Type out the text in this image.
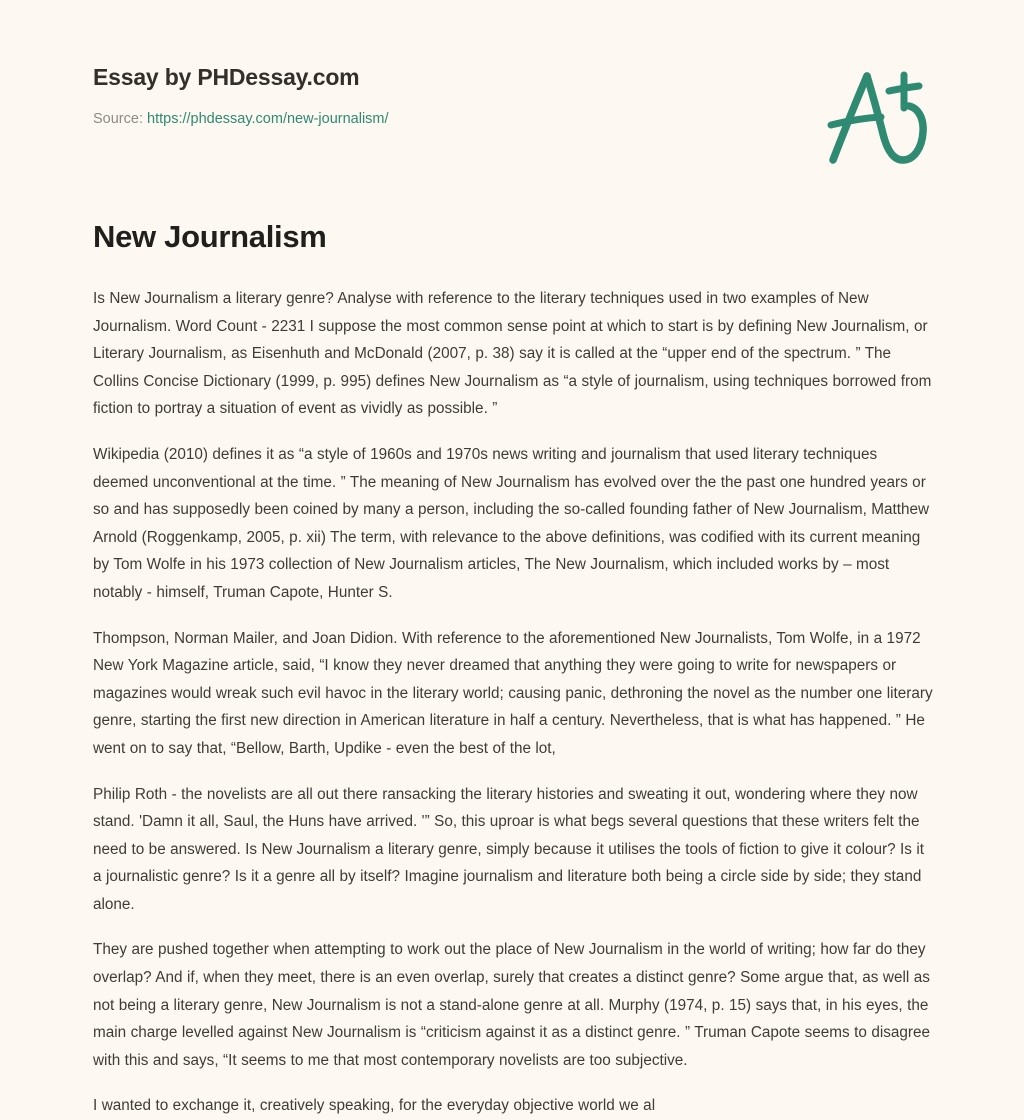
Essay by PHDessay.com

Source: https://phdessay.com/new-journalism/

New Journalism

Is New Journalism a literary genre? Analyse with reference to the literary techniques used in two examples of New Journalism. Word Count - 2231 I suppose the most common sense point at which to start is by defining New Journalism, or Literary Journalism, as Eisenhuth and McDonald (2007, p. 38) say it is called at the “upper end of the spectrum. ” The Collins Concise Dictionary (1999, p. 995) defines New Journalism as “a style of journalism, using techniques borrowed from fiction to portray a situation of event as vividly as possible. ”

Wikipedia (2010) defines it as “a style of 1960s and 1970s news writing and journalism that used literary techniques deemed unconventional at the time. ” The meaning of New Journalism has evolved over the the past one hundred years or so and has supposedly been coined by many a person, including the so-called founding father of New Journalism, Matthew Arnold (Roggenkamp, 2005, p. xii) The term, with relevance to the above definitions, was codified with its current meaning by Tom Wolfe in his 1973 collection of New Journalism articles, The New Journalism, which included works by – most notably - himself, Truman Capote, Hunter S.

Thompson, Norman Mailer, and Joan Didion. With reference to the aforementioned New Journalists, Tom Wolfe, in a 1972 New York Magazine article, said, “I know they never dreamed that anything they were going to write for newspapers or magazines would wreak such evil havoc in the literary world; causing panic, dethroning the novel as the number one literary genre, starting the first new direction in American literature in half a century. Nevertheless, that is what has happened. ” He went on to say that, “Bellow, Barth, Updike - even the best of the lot,

Philip Roth - the novelists are all out there ransacking the literary histories and sweating it out, wondering where they now stand. 'Damn it all, Saul, the Huns have arrived. '” So, this uproar is what begs several questions that these writers felt the need to be answered. Is New Journalism a literary genre, simply because it utilises the tools of fiction to give it colour? Is it a journalistic genre? Is it a genre all by itself? Imagine journalism and literature both being a circle side by side; they stand alone.

They are pushed together when attempting to work out the place of New Journalism in the world of writing; how far do they overlap? And if, when they meet, there is an even overlap, surely that creates a distinct genre? Some argue that, as well as not being a literary genre, New Journalism is not a stand-alone genre at all. Murphy (1974, p. 15) says that, in his eyes, the main charge levelled against New Journalism is “criticism against it as a distinct genre. ” Truman Capote seems to disagree with this and says, “It seems to me that most contemporary novelists are too subjective.

I wanted to exchange it, creatively speaking, for the everyday objective world we al
